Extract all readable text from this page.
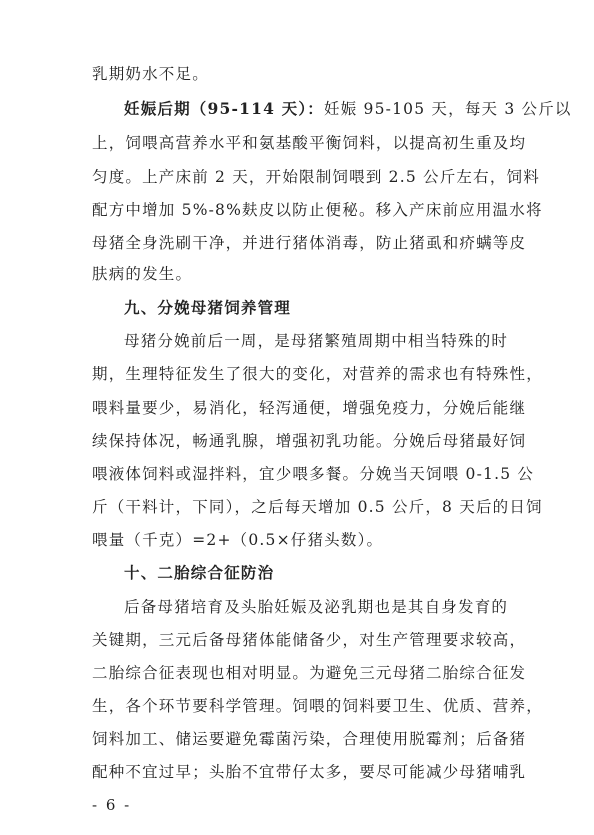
乳期奶水不足。
妊娠后期（95-114 天）：妊娠 95-105 天，每天 3 公斤以
上，饲喂高营养水平和氨基酸平衡饲料，以提高初生重及均
匀度。上产床前 2 天，开始限制饲喂到 2.5 公斤左右，饲料
配方中增加 5%-8%麸皮以防止便秘。移入产床前应用温水将
母猪全身洗刷干净，并进行猪体消毒，防止猪虱和疥螨等皮
肤病的发生。
九、分娩母猪饲养管理
母猪分娩前后一周，是母猪繁殖周期中相当特殊的时
期，生理特征发生了很大的变化，对营养的需求也有特殊性，
喂料量要少，易消化，轻泻通便，增强免疫力，分娩后能继
续保持体况，畅通乳腺，增强初乳功能。分娩后母猪最好饲
喂液体饲料或湿拌料，宜少喂多餐。分娩当天饲喂 0-1.5 公
斤（干料计，下同），之后每天增加 0.5 公斤，8 天后的日饲
喂量（千克）=2+（0.5×仔猪头数）。
十、二胎综合征防治
后备母猪培育及头胎妊娠及泌乳期也是其自身发育的
关键期，三元后备母猪体能储备少，对生产管理要求较高，
二胎综合征表现也相对明显。为避免三元母猪二胎综合征发
生，各个环节要科学管理。饲喂的饲料要卫生、优质、营养，
饲料加工、储运要避免霉菌污染，合理使用脱霉剂；后备猪
配种不宜过早；头胎不宜带仔太多，要尽可能减少母猪哺乳
- 6 -
